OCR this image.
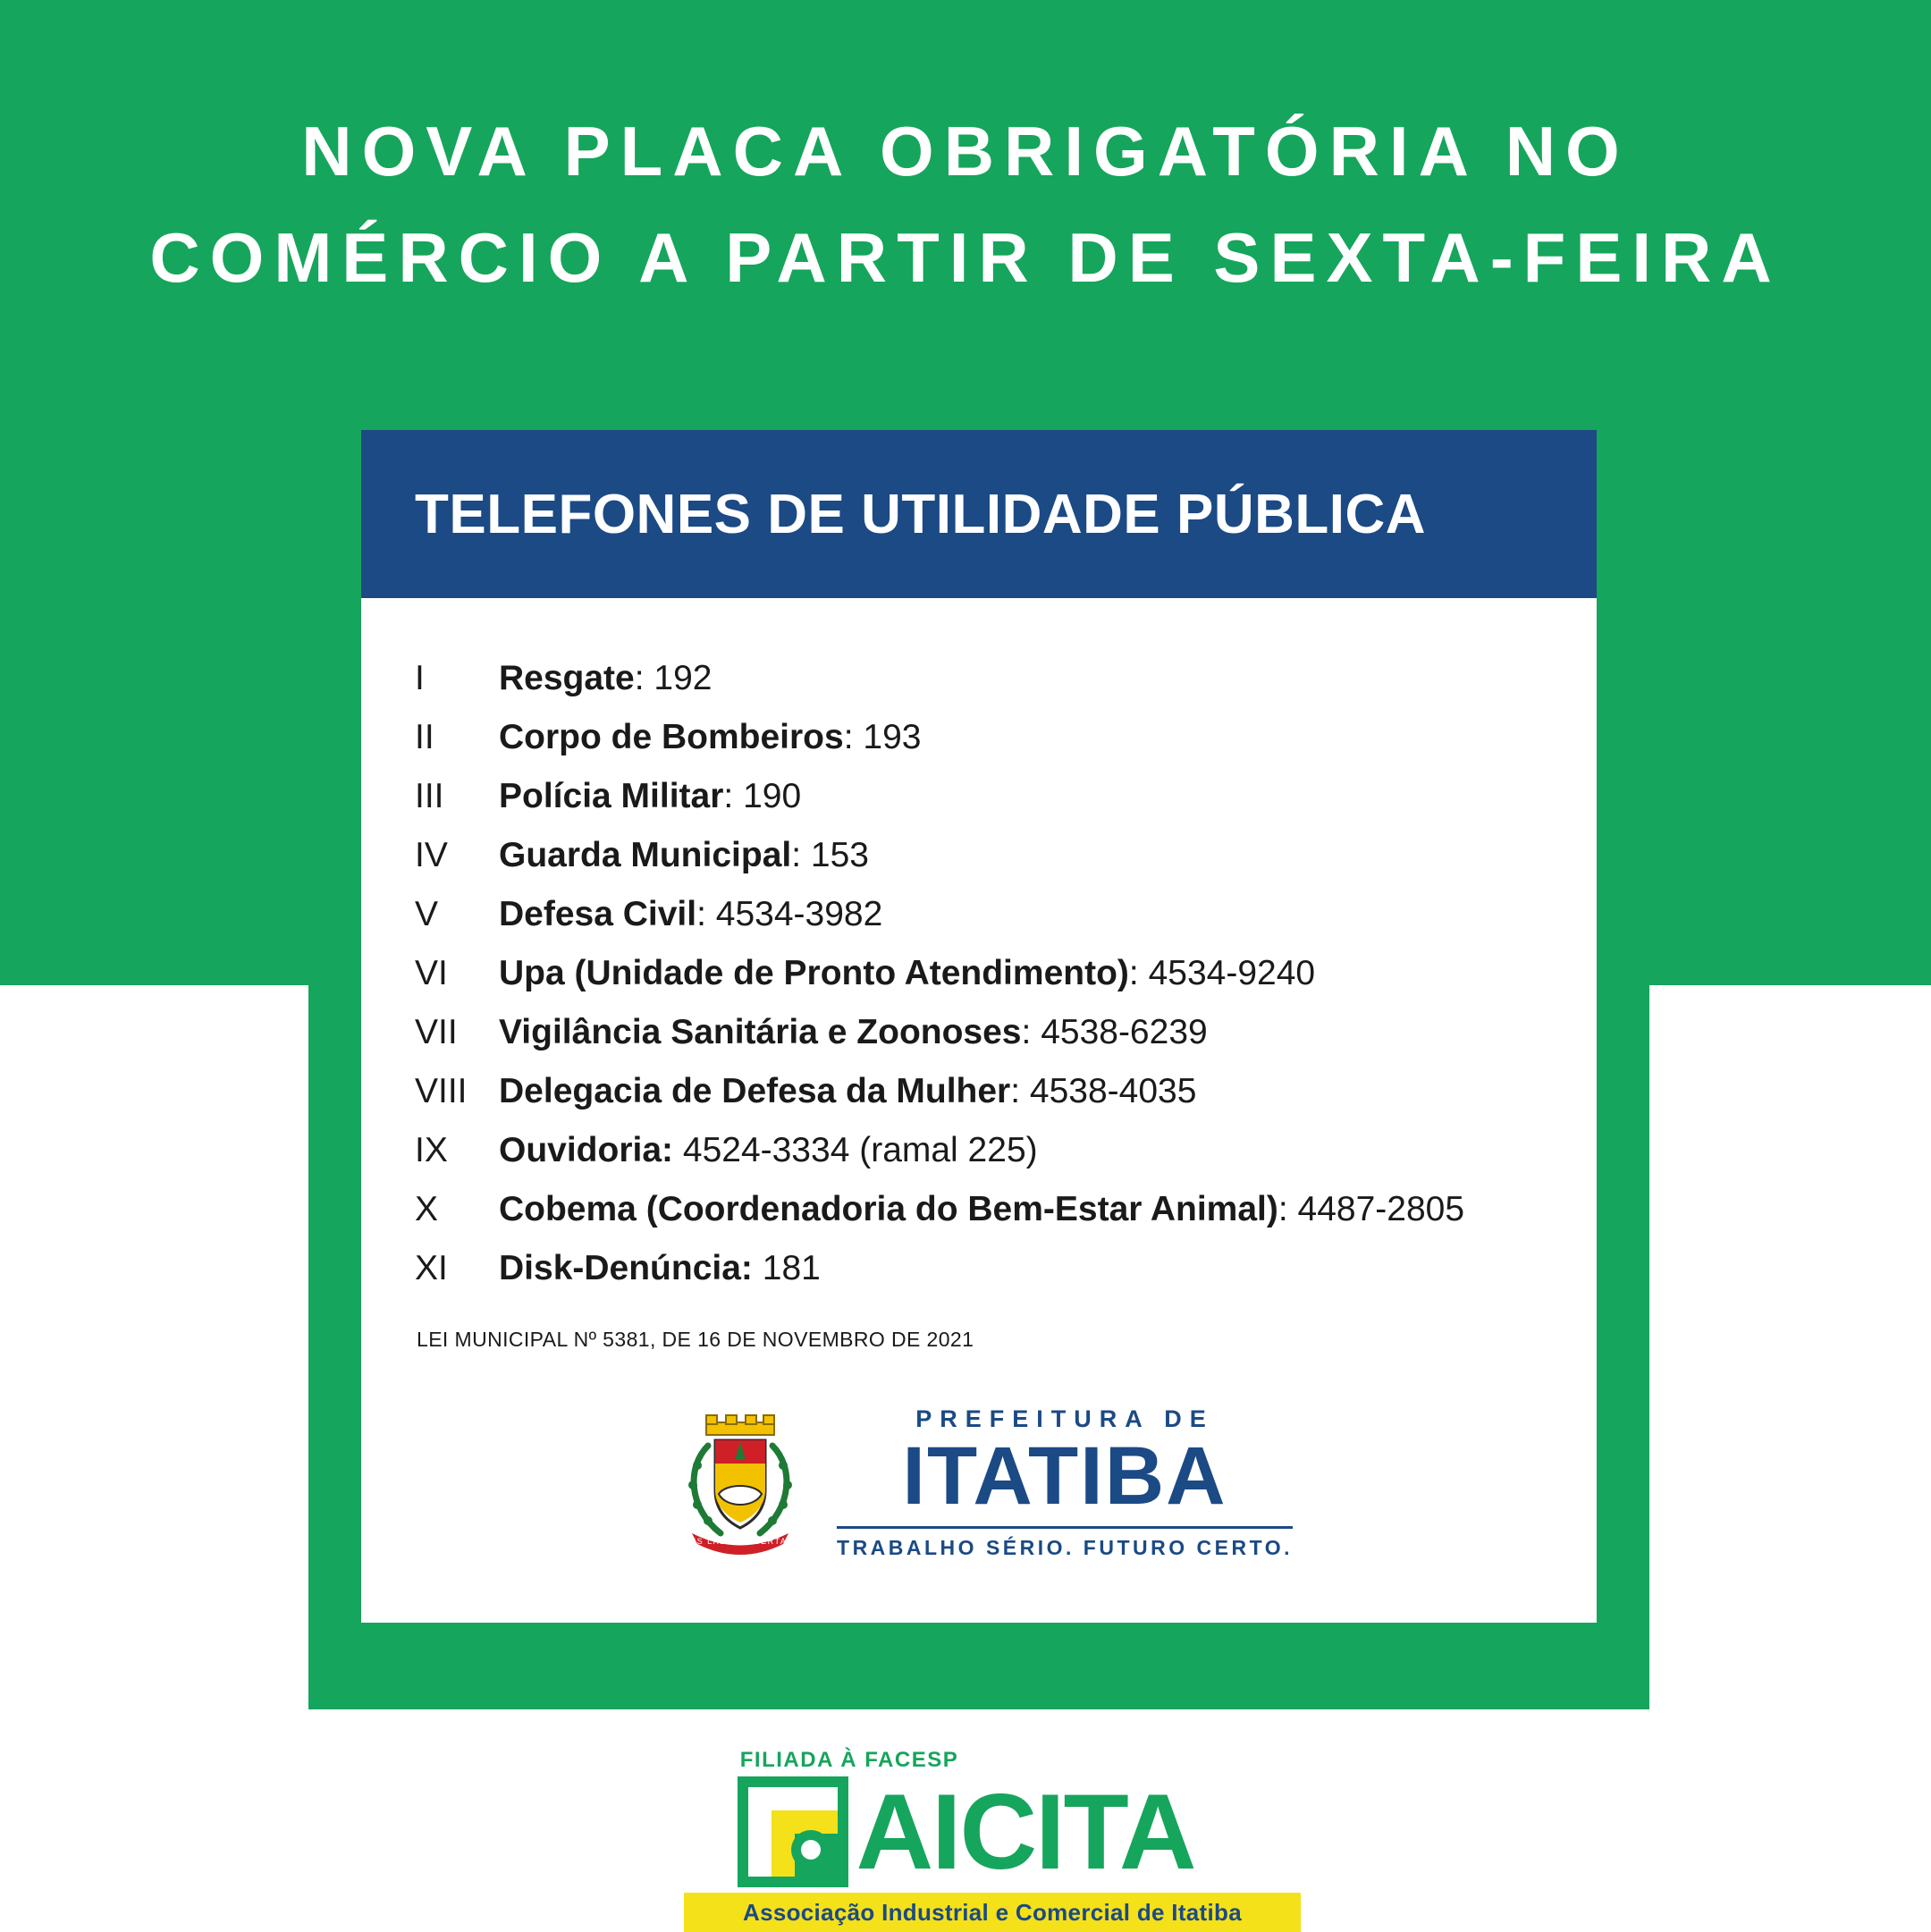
NOVA PLACA OBRIGATÓRIA NO
COMÉRCIO A PARTIR DE SEXTA-FEIRA
TELEFONES DE UTILIDADE PÚBLICA
I	Resgate: 192
II	Corpo de Bombeiros: 193
III	Polícia Militar: 190
IV	Guarda Municipal: 153
V	Defesa Civil: 4534-3982
VI	Upa (Unidade de Pronto Atendimento): 4534-9240
VII	Vigilância Sanitária e Zoonoses: 4538-6239
VIII Delegacia de Defesa da Mulher: 4538-4035
IX	Ouvidoria: 4524-3334 (ramal 225)
X	Cobema (Coordenadoria do Bem-Estar Animal): 4487-2805
XI	Disk-Denúncia: 181
LEI MUNICIPAL Nº 5381, DE 16 DE NOVEMBRO DE 2021
VIS LABOR LIBERTAS
PREFEITURA DE
ITATIBA
TRABALHO SÉRIO. FUTURO CERTO.
FILIADA À FACESP
AICITA
Associação Industrial e Comercial de Itatiba
